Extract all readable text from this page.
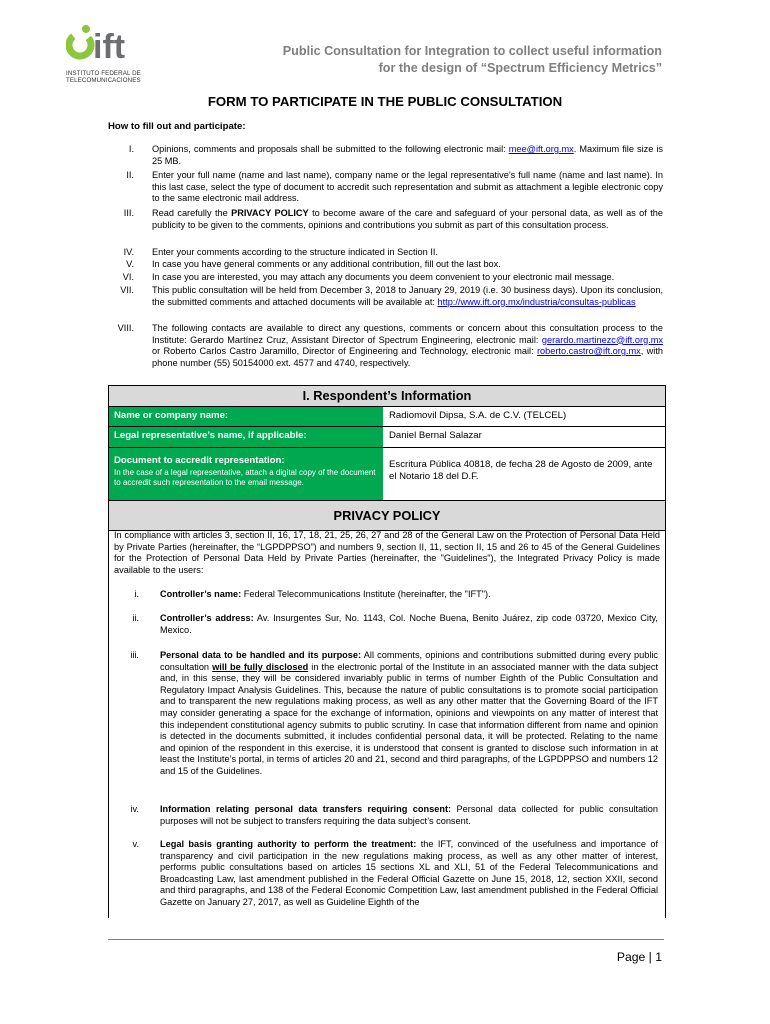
ift
INSTITUTO FEDERAL DE
TELECOMUNICACIONES
Public Consultation for Integration to collect useful information
for the design of “Spectrum Efficiency Metrics”
FORM TO PARTICIPATE IN THE PUBLIC CONSULTATION
How to fill out and participate:
I. Opinions, comments and proposals shall be submitted to the following electronic mail: mee@ift.org.mx. Maximum file size is 25 MB.
II. Enter your full name (name and last name), company name or the legal representative’s full name (name and last name). In this last case, select the type of document to accredit such representation and submit as attachment a legible electronic copy to the same electronic mail address.
III. Read carefully the PRIVACY POLICY to become aware of the care and safeguard of your personal data, as well as of the publicity to be given to the comments, opinions and contributions you submit as part of this consultation process.
IV. Enter your comments according to the structure indicated in Section II.
V. In case you have general comments or any additional contribution, fill out the last box.
VI. In case you are interested, you may attach any documents you deem convenient to your electronic mail message.
VII. This public consultation will be held from December 3, 2018 to January 29, 2019 (i.e. 30 business days). Upon its conclusion, the submitted comments and attached documents will be available at: http://www.ift.org.mx/industria/consultas-publicas
VIII. The following contacts are available to direct any questions, comments or concern about this consultation process to the Institute: Gerardo Martínez Cruz, Assistant Director of Spectrum Engineering, electronic mail: gerardo.martinezc@ift.org.mx or Roberto Carlos Castro Jaramillo, Director of Engineering and Technology, electronic mail: roberto.castro@ift.org.mx, with phone number (55) 50154000 ext. 4577 and 4740, respectively.
I. Respondent’s Information
Name or company name:	Radiomovil Dipsa, S.A. de C.V. (TELCEL)
Legal representative’s name, if applicable:	Daniel Bernal Salazar
Document to accredit representation:
In the case of a legal representative, attach a digital copy of the document to accredit such representation to the email message.
Escritura Pública 40818, de fecha 28 de Agosto de 2009, ante el Notario 18 del D.F.
PRIVACY POLICY
In compliance with articles 3, section II, 16, 17, 18, 21, 25, 26, 27 and 28 of the General Law on the Protection of Personal Data Held by Private Parties (hereinafter, the “LGPDPPSO”) and numbers 9, section II, 11, section II, 15 and 26 to 45 of the General Guidelines for the Protection of Personal Data Held by Private Parties (hereinafter, the "Guidelines"), the Integrated Privacy Policy is made available to the users:
i. Controller’s name: Federal Telecommunications Institute (hereinafter, the "IFT").
ii. Controller’s address: Av. Insurgentes Sur, No. 1143, Col. Noche Buena, Benito Juárez, zip code 03720, Mexico City, Mexico.
iii. Personal data to be handled and its purpose: All comments, opinions and contributions submitted during every public consultation will be fully disclosed in the electronic portal of the Institute in an associated manner with the data subject and, in this sense, they will be considered invariably public in terms of number Eighth of the Public Consultation and Regulatory Impact Analysis Guidelines. This, because the nature of public consultations is to promote social participation and to transparent the new regulations making process, as well as any other matter that the Governing Board of the IFT may consider generating a space for the exchange of information, opinions and viewpoints on any matter of interest that this independent constitutional agency submits to public scrutiny. In case that information different from name and opinion is detected in the documents submitted, it includes confidential personal data, it will be protected. Relating to the name and opinion of the respondent in this exercise, it is understood that consent is granted to disclose such information in at least the Institute’s portal, in terms of articles 20 and 21, second and third paragraphs, of the LGPDPPSO and numbers 12 and 15 of the Guidelines.
iv. Information relating personal data transfers requiring consent: Personal data collected for public consultation purposes will not be subject to transfers requiring the data subject’s consent.
v. Legal basis granting authority to perform the treatment: the IFT, convinced of the usefulness and importance of transparency and civil participation in the new regulations making process, as well as any other matter of interest, performs public consultations based on articles 15 sections XL and XLI, 51 of the Federal Telecommunications and Broadcasting Law, last amendment published in the Federal Official Gazette on June 15, 2018, 12, section XXII, second and third paragraphs, and 138 of the Federal Economic Competition Law, last amendment published in the Federal Official Gazette on January 27, 2017, as well as Guideline Eighth of the
Page | 1
